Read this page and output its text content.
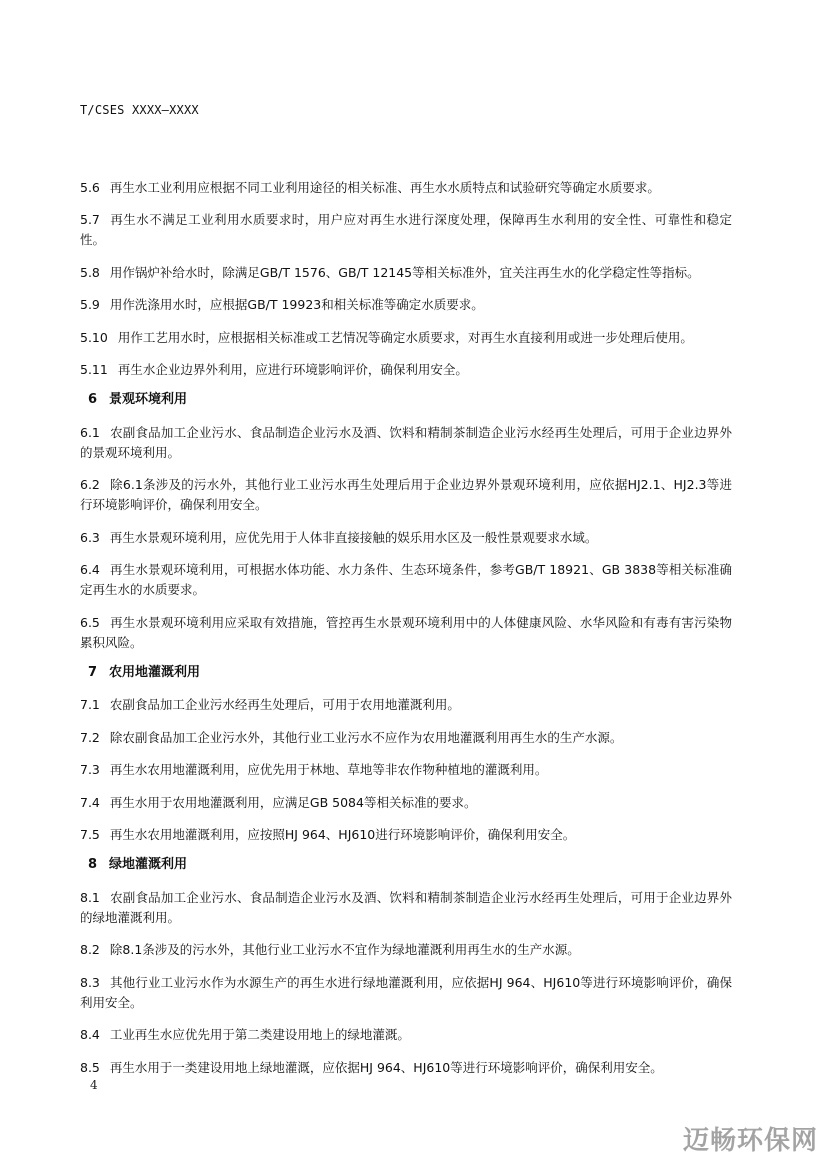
T/CSES XXXX—XXXX

5.6 再生水工业利用应根据不同工业利用途径的相关标准、再生水水质特点和试验研究等确定水质要求。

5.7 再生水不满足工业利用水质要求时，用户应对再生水进行深度处理，保障再生水利用的安全性、可靠性和稳定性。

5.8 用作锅炉补给水时，除满足GB/T 1576、GB/T 12145等相关标准外，宜关注再生水的化学稳定性等指标。

5.9 用作洗涤用水时，应根据GB/T 19923和相关标准等确定水质要求。

5.10 用作工艺用水时，应根据相关标准或工艺情况等确定水质要求，对再生水直接利用或进一步处理后使用。

5.11 再生水企业边界外利用，应进行环境影响评价，确保利用安全。

6 景观环境利用

6.1 农副食品加工企业污水、食品制造企业污水及酒、饮料和精制茶制造企业污水经再生处理后，可用于企业边界外的景观环境利用。

6.2 除6.1条涉及的污水外，其他行业工业污水再生处理后用于企业边界外景观环境利用，应依据HJ2.1、HJ2.3等进行环境影响评价，确保利用安全。

6.3 再生水景观环境利用，应优先用于人体非直接接触的娱乐用水区及一般性景观要求水域。

6.4 再生水景观环境利用，可根据水体功能、水力条件、生态环境条件，参考GB/T 18921、GB 3838等相关标准确定再生水的水质要求。

6.5 再生水景观环境利用应采取有效措施，管控再生水景观环境利用中的人体健康风险、水华风险和有毒有害污染物累积风险。

7 农用地灌溉利用

7.1 农副食品加工企业污水经再生处理后，可用于农用地灌溉利用。

7.2 除农副食品加工企业污水外，其他行业工业污水不应作为农用地灌溉利用再生水的生产水源。

7.3 再生水农用地灌溉利用，应优先用于林地、草地等非农作物种植地的灌溉利用。

7.4 再生水用于农用地灌溉利用，应满足GB 5084等相关标准的要求。

7.5 再生水农用地灌溉利用，应按照HJ 964、HJ610进行环境影响评价，确保利用安全。

8 绿地灌溉利用

8.1 农副食品加工企业污水、食品制造企业污水及酒、饮料和精制茶制造企业污水经再生处理后，可用于企业边界外的绿地灌溉利用。

8.2 除8.1条涉及的污水外，其他行业工业污水不宜作为绿地灌溉利用再生水的生产水源。

8.3 其他行业工业污水作为水源生产的再生水进行绿地灌溉利用，应依据HJ 964、HJ610等进行环境影响评价，确保利用安全。

8.4 工业再生水应优先用于第二类建设用地上的绿地灌溉。

8.5 再生水用于一类建设用地上绿地灌溉，应依据HJ 964、HJ610等进行环境影响评价，确保利用安全。

4
迈畅环保网
